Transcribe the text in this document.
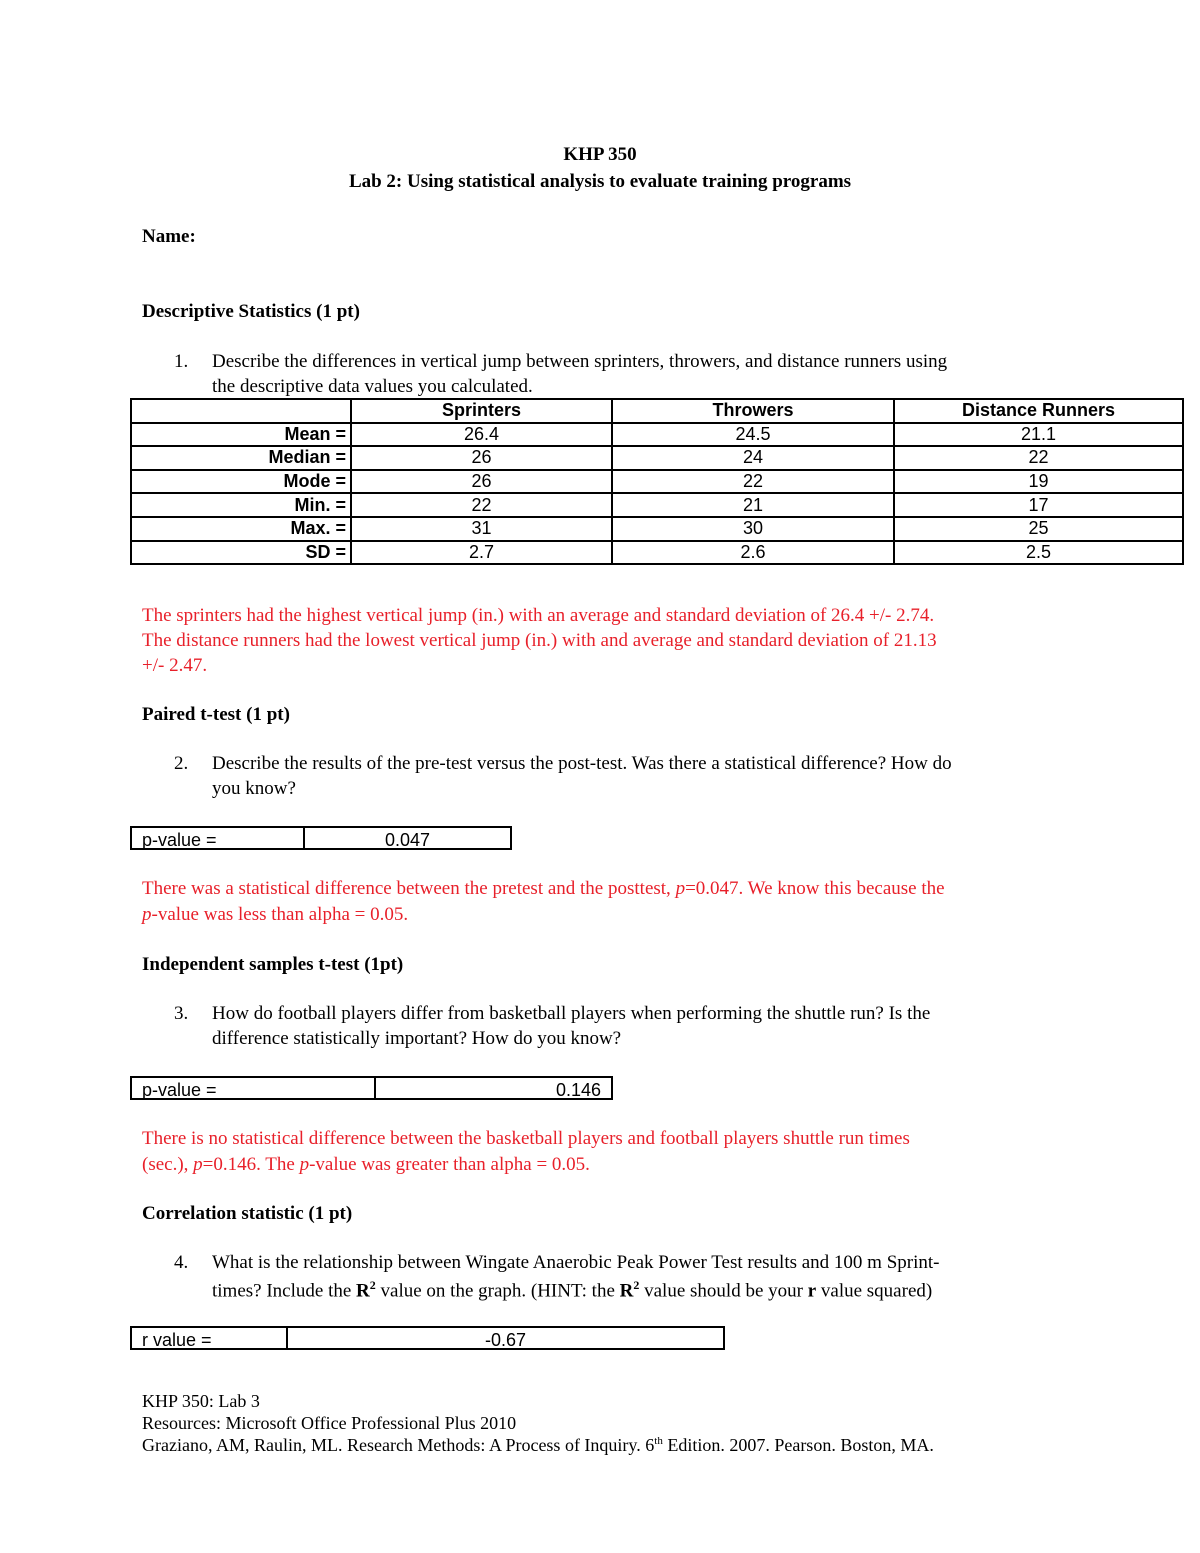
KHP 350
Lab 2: Using statistical analysis to evaluate training programs
Name:
Descriptive Statistics (1 pt)
1. Describe the differences in vertical jump between sprinters, throwers, and distance runners using
the descriptive data values you calculated.
	Sprinters	Throwers	Distance Runners
Mean =	26.4	24.5	21.1
Median =	26	24	22
Mode =	26	22	19
Min. =	22	21	17
Max. =	31	30	25
SD =	2.7	2.6	2.5
The sprinters had the highest vertical jump (in.) with an average and standard deviation of 26.4 +/- 2.74.
The distance runners had the lowest vertical jump (in.) with and average and standard deviation of 21.13
+/- 2.47.
Paired t-test (1 pt)
2. Describe the results of the pre-test versus the post-test. Was there a statistical difference? How do
you know?
p-value =	0.047
There was a statistical difference between the pretest and the posttest, p=0.047. We know this because the
p-value was less than alpha = 0.05.
Independent samples t-test (1pt)
3. How do football players differ from basketball players when performing the shuttle run? Is the
difference statistically important? How do you know?
p-value =	0.146
There is no statistical difference between the basketball players and football players shuttle run times
(sec.), p=0.146. The p-value was greater than alpha = 0.05.
Correlation statistic (1 pt)
4. What is the relationship between Wingate Anaerobic Peak Power Test results and 100 m Sprint-
times? Include the $R^2$ value on the graph. (HINT: the $R^2$ value should be your r value squared)
r value =	-0.67
KHP 350: Lab 3
Resources: Microsoft Office Professional Plus 2010
Graziano, AM, Raulin, ML. Research Methods: A Process of Inquiry. 6th Edition. 2007. Pearson. Boston, MA.
